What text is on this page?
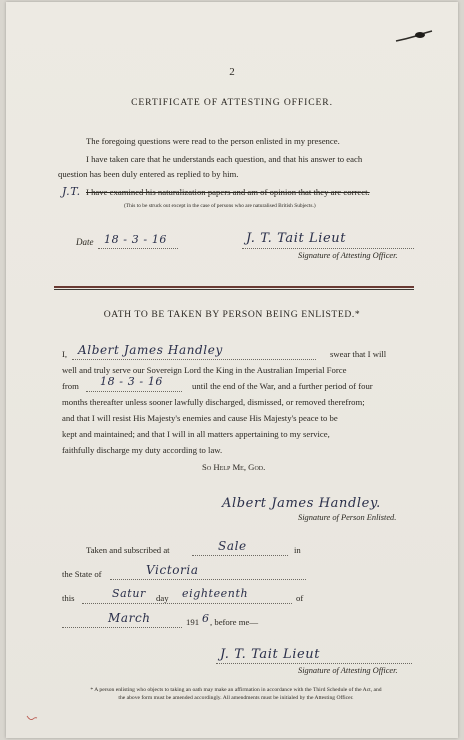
2
CERTIFICATE OF ATTESTING OFFICER.
The foregoing questions were read to the person enlisted in my presence.
I have taken care that he understands each question, and that his answer to each
question has been duly entered as replied to by him.
J.T. I have examined his naturalization papers and am of opinion that they are correct.
(This to be struck out except in the case of persons who are naturalised British Subjects.)
Date 18 - 3 - 16	J. T. Tait Lieut
Signature of Attesting Officer.
OATH TO BE TAKEN BY PERSON BEING ENLISTED.*
I, Albert James Handley	swear that I will
well and truly serve our Sovereign Lord the King in the Australian Imperial Force
from 18 - 3 - 16	until the end of the War, and a further period of four
months thereafter unless sooner lawfully discharged, dismissed, or removed therefrom;
and that I will resist His Majesty's enemies and cause His Majesty's peace to be
kept and maintained; and that I will in all matters appertaining to my service,
faithfully discharge my duty according to law.
So Help Me, God.
Albert James Handley.
Signature of Person Enlisted.
Taken and subscribed at	Sale	in
the State of	Victoria
this	Satur day eighteenth	of
March	191 6 , before me—
J. T. Tait Lieut
Signature of Attesting Officer.
* A person enlisting who objects to taking an oath may make an affirmation in accordance with the Third Schedule of the Act, and
the above form must be amended accordingly. All amendments must be initialed by the Attesting Officer.
